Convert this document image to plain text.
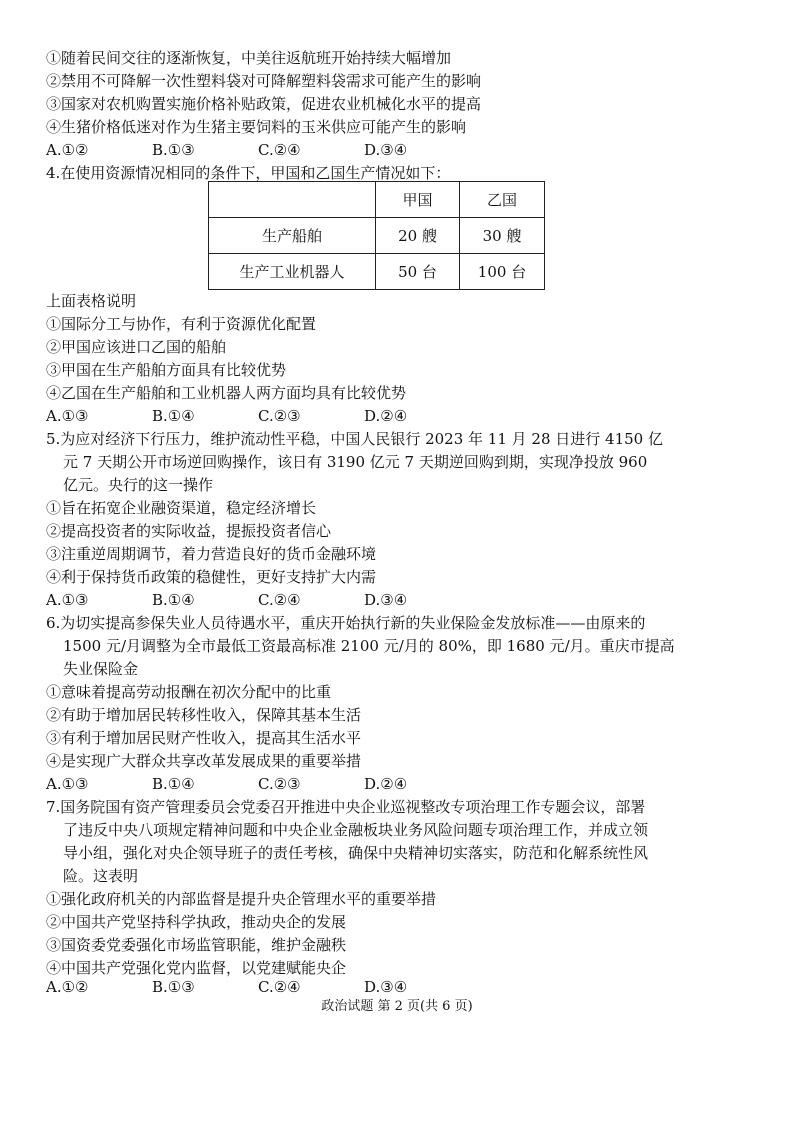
①随着民间交往的逐渐恢复，中美往返航班开始持续大幅增加
②禁用不可降解一次性塑料袋对可降解塑料袋需求可能产生的影响
③国家对农机购置实施价格补贴政策，促进农业机械化水平的提高
④生猪价格低迷对作为生猪主要饲料的玉米供应可能产生的影响
A.①②	B.①③	C.②④	D.③④
4.在使用资源情况相同的条件下，甲国和乙国生产情况如下：
	甲国	乙国
生产船舶	20 艘	30 艘
生产工业机器人	50 台	100 台
上面表格说明
①国际分工与协作，有利于资源优化配置
②甲国应该进口乙国的船舶
③甲国在生产船舶方面具有比较优势
④乙国在生产船舶和工业机器人两方面均具有比较优势
A.①③	B.①④	C.②③	D.②④
5.为应对经济下行压力，维护流动性平稳，中国人民银行 2023 年 11 月 28 日进行 4150 亿
元 7 天期公开市场逆回购操作，该日有 3190 亿元 7 天期逆回购到期，实现净投放 960
亿元。央行的这一操作
①旨在拓宽企业融资渠道，稳定经济增长
②提高投资者的实际收益，提振投资者信心
③注重逆周期调节，着力营造良好的货币金融环境
④利于保持货币政策的稳健性，更好支持扩大内需
A.①③	B.①④	C.②④	D.③④
6.为切实提高参保失业人员待遇水平，重庆开始执行新的失业保险金发放标准——由原来的
1500 元/月调整为全市最低工资最高标准 2100 元/月的 80%，即 1680 元/月。重庆市提高
失业保险金
①意味着提高劳动报酬在初次分配中的比重
②有助于增加居民转移性收入，保障其基本生活
③有利于增加居民财产性收入，提高其生活水平
④是实现广大群众共享改革发展成果的重要举措
A.①③	B.①④	C.②③	D.②④
7.国务院国有资产管理委员会党委召开推进中央企业巡视整改专项治理工作专题会议，部署
了违反中央八项规定精神问题和中央企业金融板块业务风险问题专项治理工作，并成立领
导小组，强化对央企领导班子的责任考核，确保中央精神切实落实，防范和化解系统性风
险。这表明
①强化政府机关的内部监督是提升央企管理水平的重要举措
②中国共产党坚持科学执政，推动央企的发展
③国资委党委强化市场监管职能，维护金融秩
④中国共产党强化党内监督，以党建赋能央企
A.①②	B.①③	C.②④	D.③④
政治试题 第 2 页(共 6 页)
